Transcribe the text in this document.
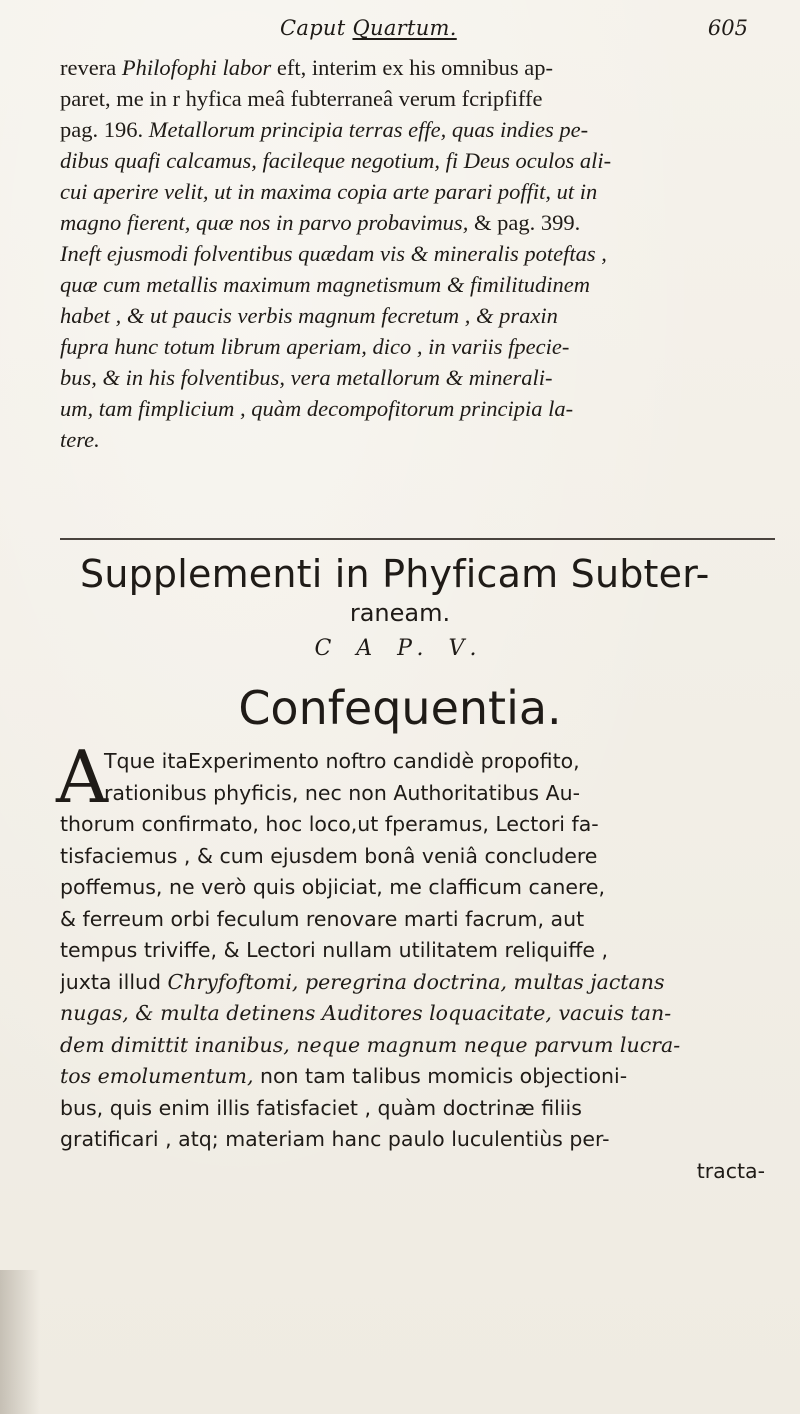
Caput Quartum.	605
revera Philofophi labor eft, interim ex his omnibus ap-
paret, me in r hyfica meâ fubterraneâ verum fcripfiffe
pag. 196. Metallorum principia terras effe, quas indies pe-
dibus quafi calcamus, facileque negotium, fi Deus oculos ali-
cui aperire velit, ut in maxima copia arte parari poffit, ut in
magno fierent, quæ nos in parvo probavimus, & pag. 399.
Ineft ejusmodi folventibus quædam vis & mineralis poteftas ,
quæ cum metallis maximum magnetismum & fimilitudinem
habet , & ut paucis verbis magnum fecretum , & praxin
fupra hunc totum librum aperiam, dico , in variis fpecie-
bus, & in his folventibus, vera metallorum & minerali-
um, tam fimplicium , quàm decompofitorum principia la-
tere.
Supplementi in Phyficam Subter-
raneam.
C A P. V.
Confequentia.
A
Tque itaExperimento noftro candidè propofito,
rationibus phyficis, nec non Authoritatibus Au-
thorum confirmato, hoc loco,ut fperamus, Lectori fa-
tisfaciemus , & cum ejusdem bonâ veniâ concludere
poffemus, ne verò quis objiciat, me clafficum canere,
& ferreum orbi feculum renovare marti facrum, aut
tempus triviffe, & Lectori nullam utilitatem reliquiffe ,
juxta illud Chryfoftomi, peregrina doctrina, multas jactans
nugas, & multa detinens Auditores loquacitate, vacuis tan-
dem dimittit inanibus, neque magnum neque parvum lucra-
tos emolumentum, non tam talibus momicis objectioni-
bus, quis enim illis fatisfaciet , quàm doctrinæ filiis
gratificari , atq; materiam hanc paulo luculentiùs per-
tracta-
